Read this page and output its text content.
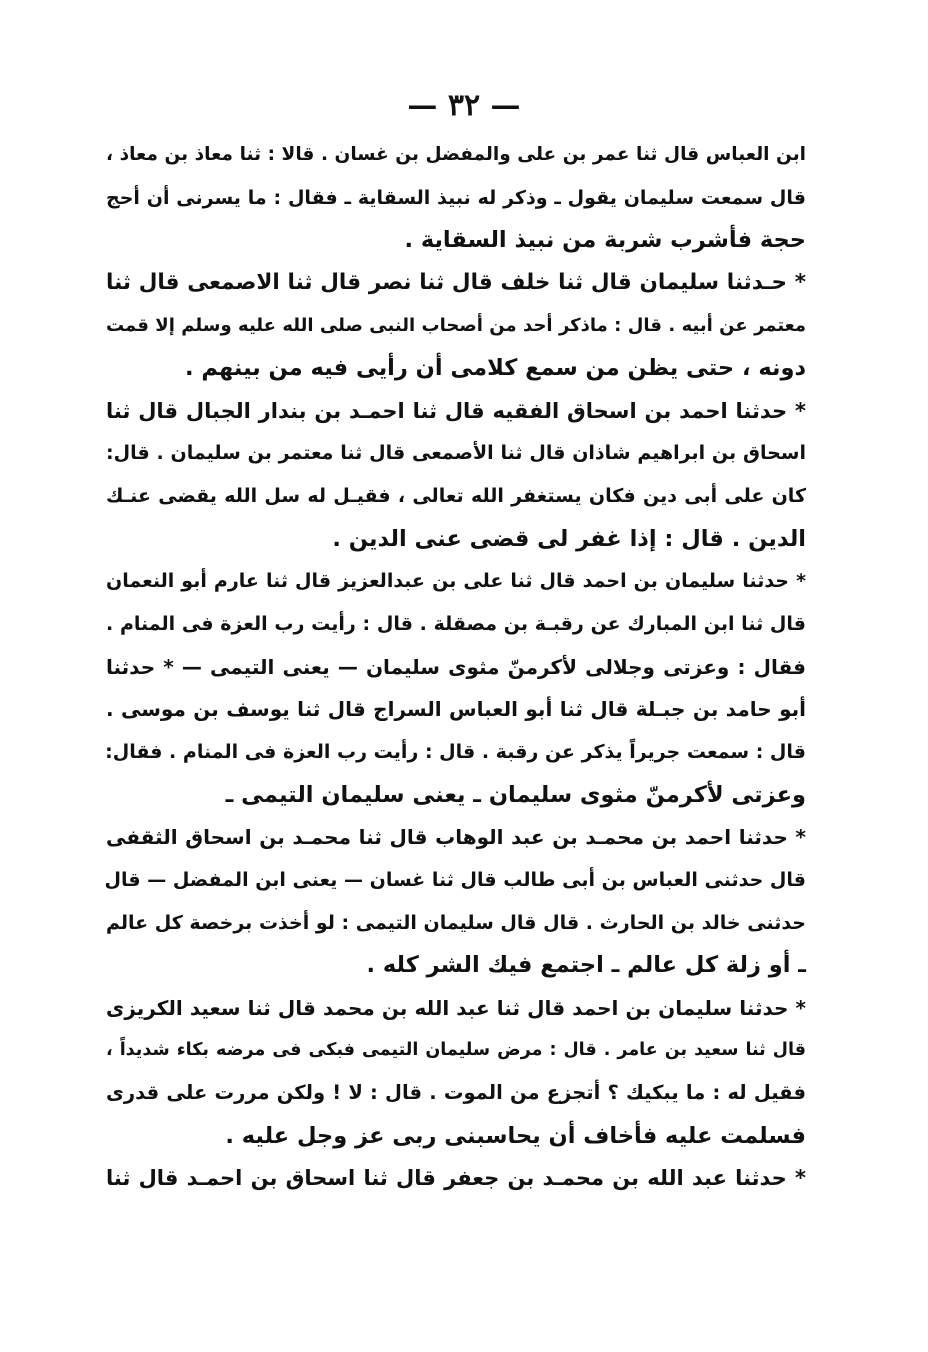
— ٣٢ —
ابن العباس قال ثنا عمر بن على والمفضل بن غسان . قالا : ثنا معاذ بن معاذ ،
قال سمعت سليمان يقول ـ وذكر له نبيذ السقاية ـ فقال : ما يسرنى أن أحج
حجة فأشرب شربة من نبيذ السقاية .
* حـدثنا سليمان قال ثنا خلف قال ثنا نصر قال ثنا الاصمعى قال ثنا
معتمر عن أبيه . قال : ماذكر أحد من أصحاب النبى صلى الله عليه وسلم إلا قمت
دونه ، حتى يظن من سمع كلامى أن رأيى فيه من بينهم .
* حدثنا احمد بن اسحاق الفقيه قال ثنا احمـد بن بندار الجبال قال ثنا
اسحاق بن ابراهيم شاذان قال ثنا الأصمعى قال ثنا معتمر بن سليمان . قال:
كان على أبى دين فكان يستغفر الله تعالى ، فقيـل له سل الله يقضى عنـك
الدين . قال : إذا غفر لى قضى عنى الدين .
* حدثنا سليمان بن احمد قال ثنا على بن عبدالعزيز قال ثنا عارم أبو النعمان
قال ثنا ابن المبارك عن رقبـة بن مصقلة . قال : رأيت رب العزة فى المنام .
فقال : وعزتى وجلالى لأكرمنّ مثوى سليمان — يعنى التيمى — * حدثنا
أبو حامد بن جبـلة قال ثنا أبو العباس السراج قال ثنا يوسف بن موسى .
قال : سمعت جريراً يذكر عن رقبة . قال : رأيت رب العزة فى المنام . فقال:
وعزتى لأكرمنّ مثوى سليمان ـ يعنى سليمان التيمى ـ
* حدثنا احمد بن محمـد بن عبد الوهاب قال ثنا محمـد بن اسحاق الثقفى
قال حدثنى العباس بن أبى طالب قال ثنا غسان — يعنى ابن المفضل — قال
حدثنى خالد بن الحارث . قال قال سليمان التيمى : لو أخذت برخصة كل عالم
ـ أو زلة كل عالم ـ اجتمع فيك الشر كله .
* حدثنا سليمان بن احمد قال ثنا عبد الله بن محمد قال ثنا سعيد الكريزى
قال ثنا سعيد بن عامر . قال : مرض سليمان التيمى فبكى فى مرضه بكاء شديداً ،
فقيل له : ما يبكيك ؟ أتجزع من الموت . قال : لا ! ولكن مررت على قدرى
فسلمت عليه فأخاف أن يحاسبنى ربى عز وجل عليه .
* حدثنا عبد الله بن محمـد بن جعفر قال ثنا اسحاق بن احمـد قال ثنا
